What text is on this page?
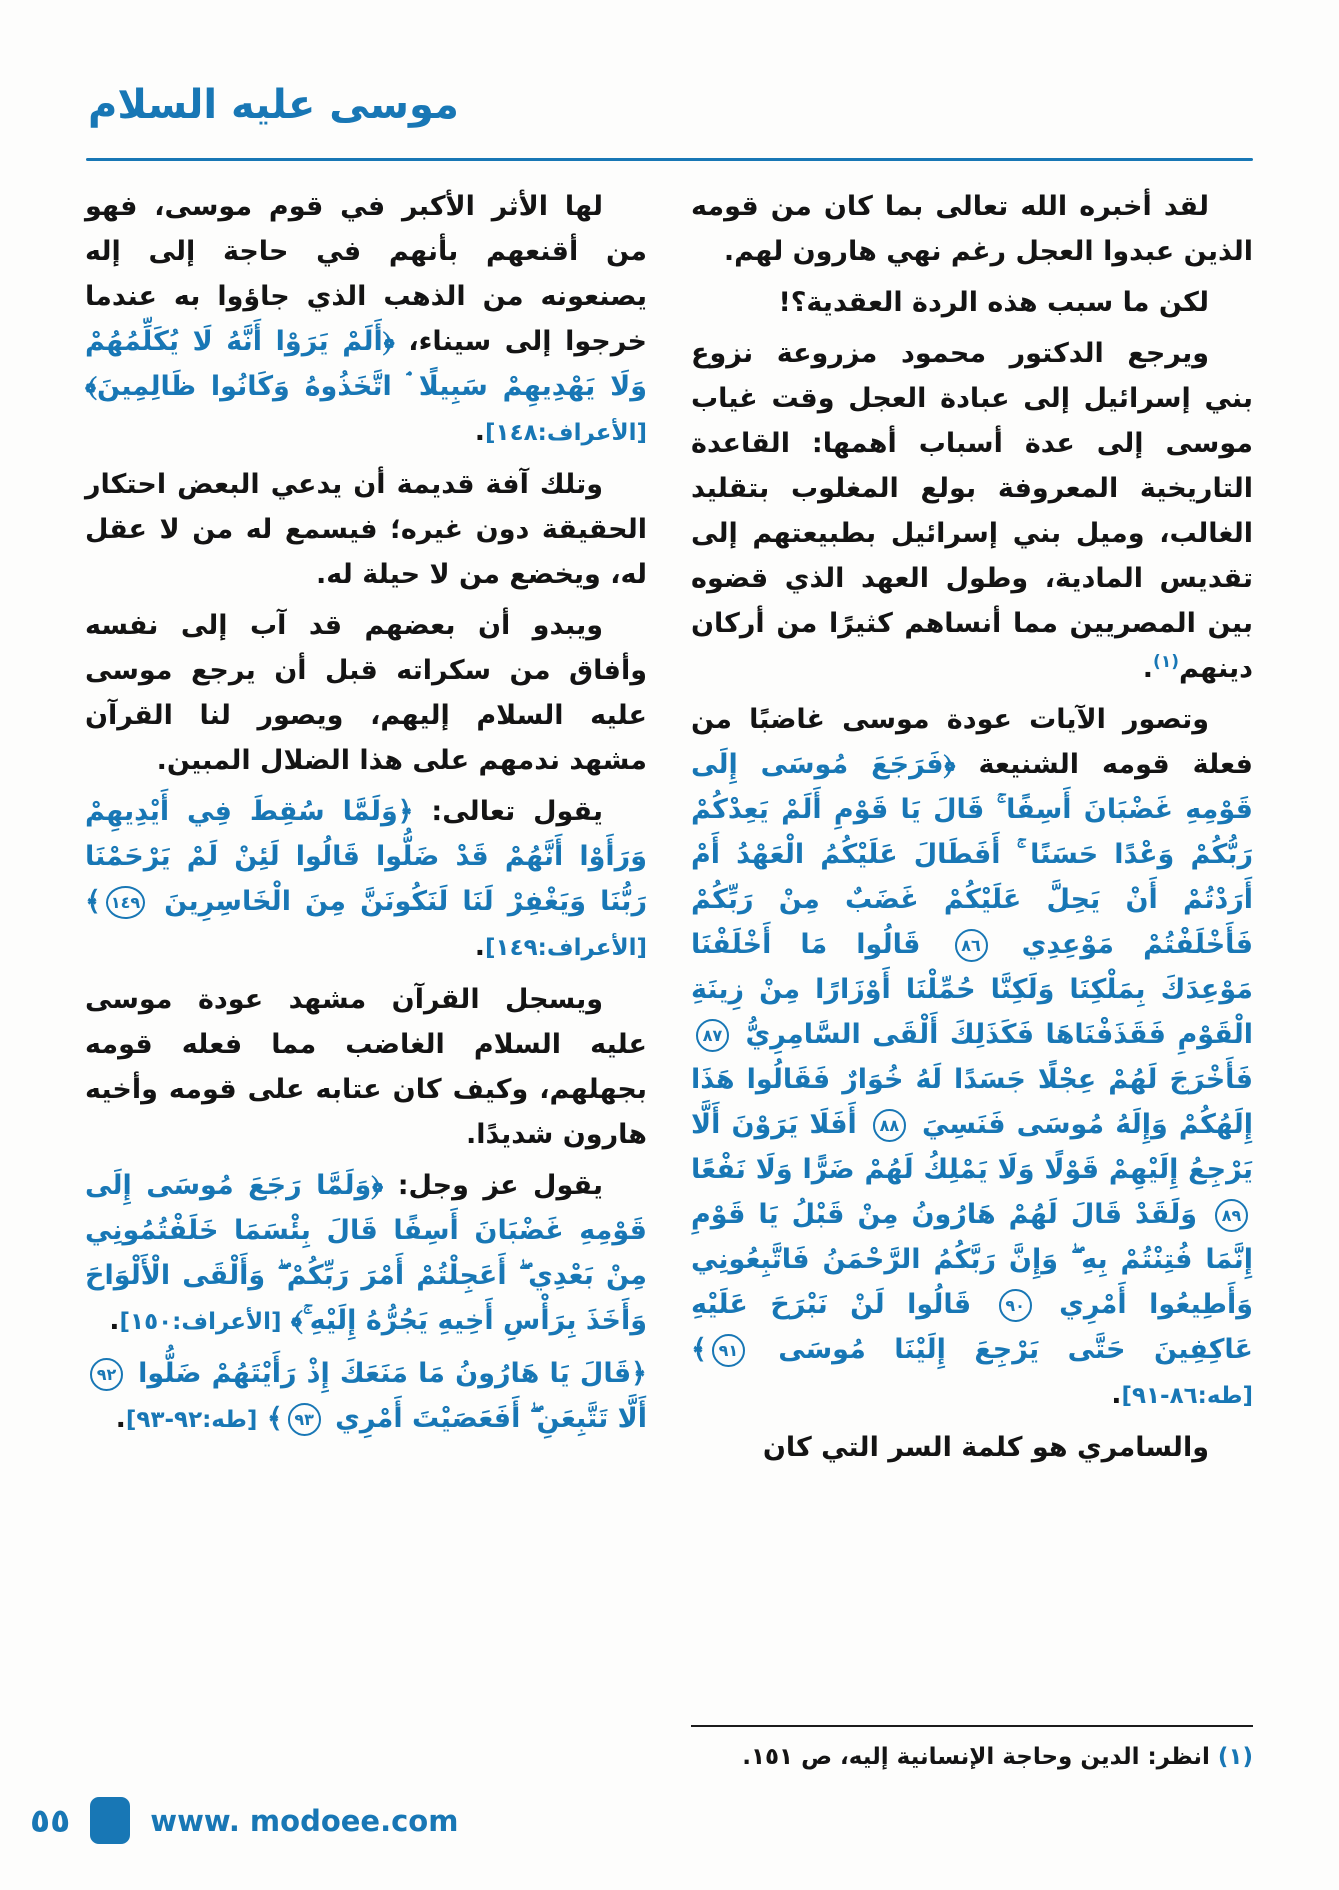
موسى عليه السلام

لقد أخبره الله تعالى بما كان من قومه الذين عبدوا العجل رغم نهي هارون لهم.

لكن ما سبب هذه الردة العقدية؟!

ويرجع الدكتور محمود مزروعة نزوع بني إسرائيل إلى عبادة العجل وقت غياب موسى إلى عدة أسباب أهمها: القاعدة التاريخية المعروفة بولع المغلوب بتقليد الغالب، وميل بني إسرائيل بطبيعتهم إلى تقديس المادية، وطول العهد الذي قضوه بين المصريين مما أنساهم كثيرًا من أركان دينهم$^{(١)}$.

وتصور الآيات عودة موسى غاضبًا من فعلة قومه الشنيعة ﴿فَرَجَعَ مُوسَى إِلَى قَوْمِهِ غَضْبَانَ أَسِفًا ۚ قَالَ يَا قَوْمِ أَلَمْ يَعِدْكُمْ رَبُّكُمْ وَعْدًا حَسَنًا ۚ أَفَطَالَ عَلَيْكُمُ الْعَهْدُ أَمْ أَرَدْتُمْ أَنْ يَحِلَّ عَلَيْكُمْ غَضَبٌ مِنْ رَبِّكُمْ فَأَخْلَفْتُمْ مَوْعِدِي ٨٦ قَالُوا مَا أَخْلَفْنَا مَوْعِدَكَ بِمَلْكِنَا وَلَكِنَّا حُمِّلْنَا أَوْزَارًا مِنْ زِينَةِ الْقَوْمِ فَقَذَفْنَاهَا فَكَذَلِكَ أَلْقَى السَّامِرِيُّ ٨٧ فَأَخْرَجَ لَهُمْ عِجْلًا جَسَدًا لَهُ خُوَارٌ فَقَالُوا هَذَا إِلَهُكُمْ وَإِلَهُ مُوسَى فَنَسِيَ ٨٨ أَفَلَا يَرَوْنَ أَلَّا يَرْجِعُ إِلَيْهِمْ قَوْلًا وَلَا يَمْلِكُ لَهُمْ ضَرًّا وَلَا نَفْعًا ٨٩ وَلَقَدْ قَالَ لَهُمْ هَارُونُ مِنْ قَبْلُ يَا قَوْمِ إِنَّمَا فُتِنْتُمْ بِهِ ۖ وَإِنَّ رَبَّكُمُ الرَّحْمَنُ فَاتَّبِعُونِي وَأَطِيعُوا أَمْرِي ٩٠ قَالُوا لَنْ نَبْرَحَ عَلَيْهِ عَاكِفِينَ حَتَّى يَرْجِعَ إِلَيْنَا مُوسَى ٩١﴾ [طه:٨٦-٩١].

والسامري هو كلمة السر التي كان

(١)انظر: الدين وحاجة الإنسانية إليه، ص ١٥١.

لها الأثر الأكبر في قوم موسى، فهو من أقنعهم بأنهم في حاجة إلى إله يصنعونه من الذهب الذي جاؤوا به عندما خرجوا إلى سيناء، ﴿أَلَمْ يَرَوْا أَنَّهُ لَا يُكَلِّمُهُمْ وَلَا يَهْدِيهِمْ سَبِيلًا ۘ اتَّخَذُوهُ وَكَانُوا ظَالِمِينَ﴾ [الأعراف:١٤٨].

وتلك آفة قديمة أن يدعي البعض احتكار الحقيقة دون غيره؛ فيسمع له من لا عقل له، ويخضع من لا حيلة له.

ويبدو أن بعضهم قد آب إلى نفسه وأفاق من سكراته قبل أن يرجع موسى عليه السلام إليهم، ويصور لنا القرآن مشهد ندمهم على هذا الضلال المبين.

يقول تعالى: ﴿وَلَمَّا سُقِطَ فِي أَيْدِيهِمْ وَرَأَوْا أَنَّهُمْ قَدْ ضَلُّوا قَالُوا لَئِنْ لَمْ يَرْحَمْنَا رَبُّنَا وَيَغْفِرْ لَنَا لَنَكُونَنَّ مِنَ الْخَاسِرِينَ ١٤٩﴾ [الأعراف:١٤٩].

ويسجل القرآن مشهد عودة موسى عليه السلام الغاضب مما فعله قومه بجهلهم، وكيف كان عتابه على قومه وأخيه هارون شديدًا.

يقول عز وجل: ﴿وَلَمَّا رَجَعَ مُوسَى إِلَى قَوْمِهِ غَضْبَانَ أَسِفًا قَالَ بِئْسَمَا خَلَفْتُمُونِي مِنْ بَعْدِي ۖ أَعَجِلْتُمْ أَمْرَ رَبِّكُمْ ۖ وَأَلْقَى الْأَلْوَاحَ وَأَخَذَ بِرَأْسِ أَخِيهِ يَجُرُّهُ إِلَيْهِ ۚ﴾ [الأعراف:١٥٠].

﴿قَالَ يَا هَارُونُ مَا مَنَعَكَ إِذْ رَأَيْتَهُمْ ضَلُّوا ٩٢ أَلَّا تَتَّبِعَنِ ۖ أَفَعَصَيْتَ أَمْرِي ٩٣﴾ [طه:٩٢-٩٣].

٥٥	www. modoee.com
